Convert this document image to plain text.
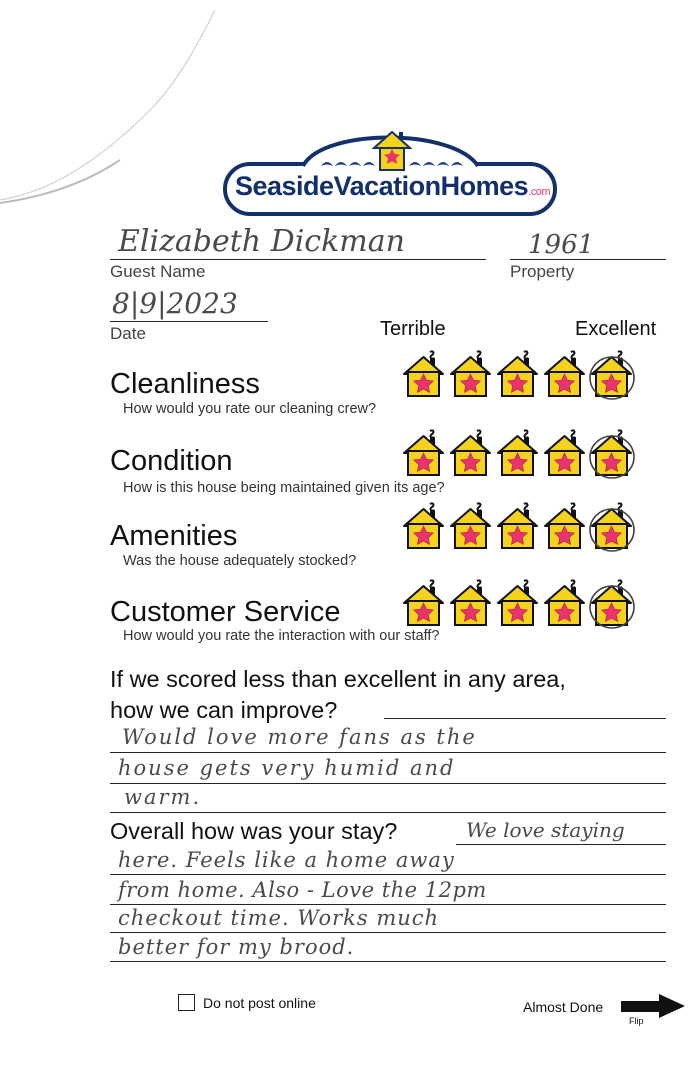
SeasideVacationHomes.com
Elizabeth Dickman
Guest Name
1961
Property
8|9|2023
Date	Terrible	Excellent
Cleanliness
How would you rate our cleaning crew?
Condition
How is this house being maintained given its age?
Amenities
Was the house adequately stocked?
Customer Service
How would you rate the interaction with our staff?
If we scored less than excellent in any area,
how we can improve?
Would love more fans as the
house gets very humid and
warm.
Overall how was your stay?	We love staying
here. Feels like a home away
from home. Also - Love the 12pm
checkout time. Works much
better for my brood.
Do not post online	Almost Done
Flip
